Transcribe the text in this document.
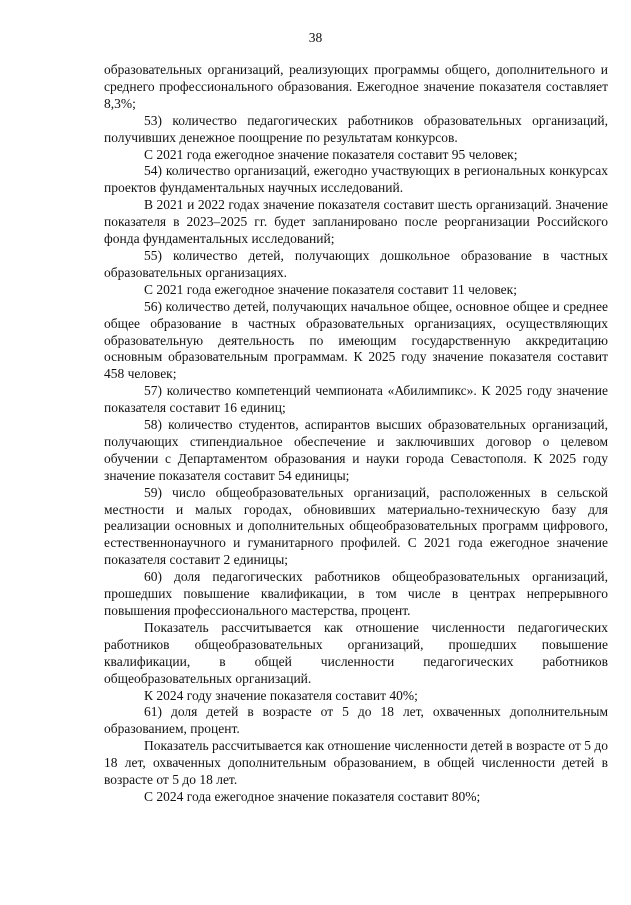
38

образовательных организаций, реализующих программы общего, дополнительного и среднего профессионального образования. Ежегодное значение показателя составляет 8,3%;

53) количество педагогических работников образовательных организаций, получивших денежное поощрение по результатам конкурсов.

С 2021 года ежегодное значение показателя составит 95 человек;

54) количество организаций, ежегодно участвующих в региональных конкурсах проектов фундаментальных научных исследований.

В 2021 и 2022 годах значение показателя составит шесть организаций. Значение показателя в 2023–2025 гг. будет запланировано после реорганизации Российского фонда фундаментальных исследований;

55) количество детей, получающих дошкольное образование в частных образовательных организациях.

С 2021 года ежегодное значение показателя составит 11 человек;

56) количество детей, получающих начальное общее, основное общее и среднее общее образование в частных образовательных организациях, осуществляющих образовательную деятельность по имеющим государственную аккредитацию основным образовательным программам. К 2025 году значение показателя составит 458 человек;

57) количество компетенций чемпионата «Абилимпикс». К 2025 году значение показателя составит 16 единиц;

58) количество студентов, аспирантов высших образовательных организаций, получающих стипендиальное обеспечение и заключивших договор о целевом обучении с Департаментом образования и науки города Севастополя. К 2025 году значение показателя составит 54 единицы;

59) число общеобразовательных организаций, расположенных в сельской местности и малых городах, обновивших материально-техническую базу для реализации основных и дополнительных общеобразовательных программ цифрового, естественнонаучного и гуманитарного профилей. С 2021 года ежегодное значение показателя составит 2 единицы;

60) доля педагогических работников общеобразовательных организаций, прошедших повышение квалификации, в том числе в центрах непрерывного повышения профессионального мастерства, процент.

Показатель рассчитывается как отношение численности педагогических работников общеобразовательных организаций, прошедших повышение квалификации, в общей численности педагогических работников общеобразовательных организаций.

К 2024 году значение показателя составит 40%;

61) доля детей в возрасте от 5 до 18 лет, охваченных дополнительным образованием, процент.

Показатель рассчитывается как отношение численности детей в возрасте от 5 до 18 лет, охваченных дополнительным образованием, в общей численности детей в возрасте от 5 до 18 лет.

С 2024 года ежегодное значение показателя составит 80%;
